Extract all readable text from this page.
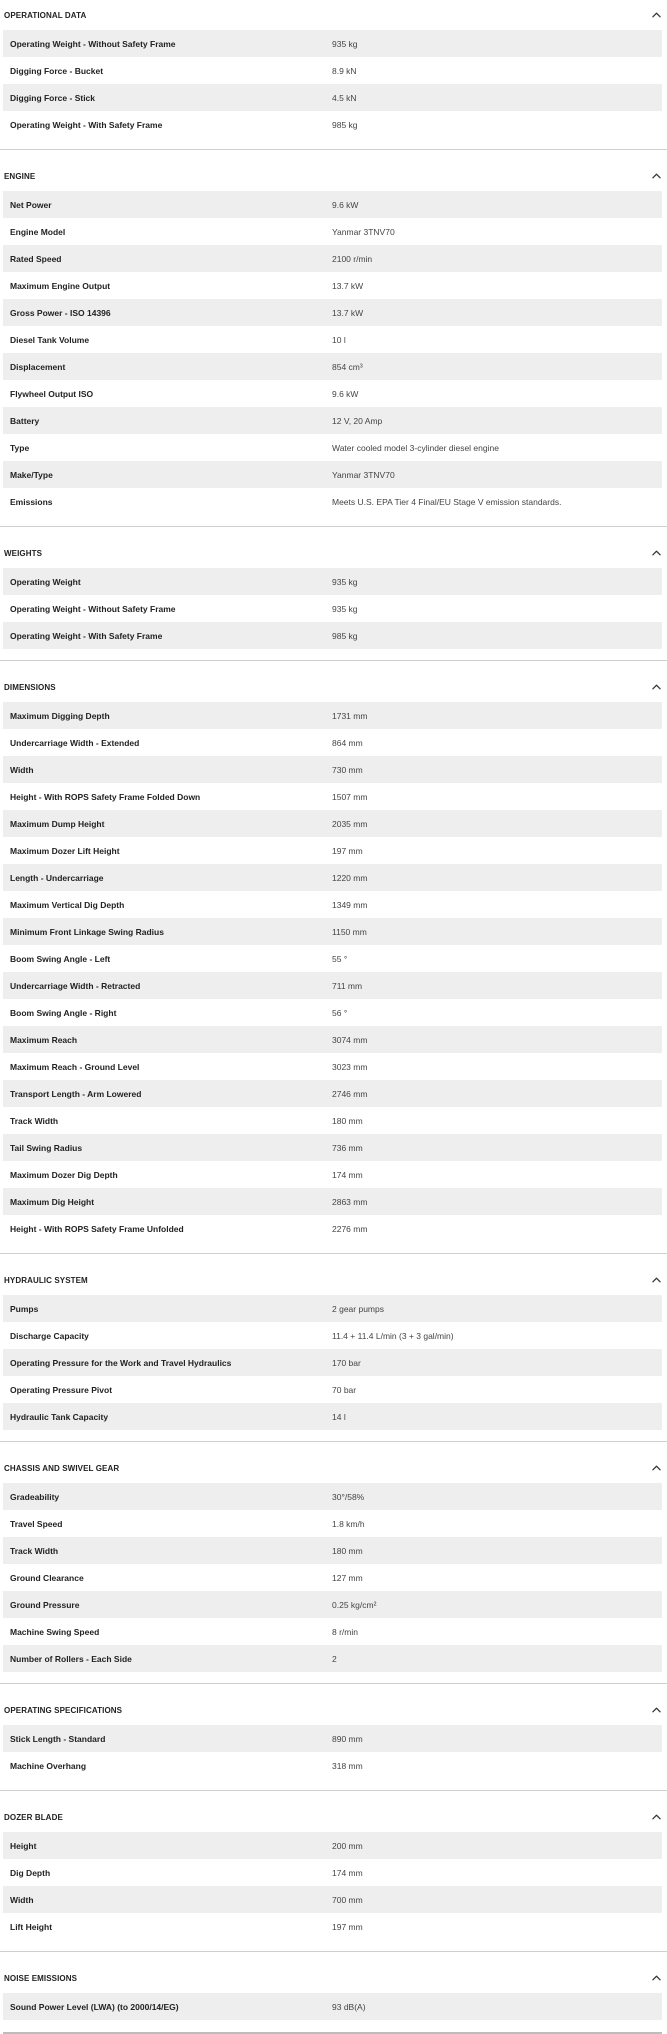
OPERATIONAL DATA
Operating Weight - Without Safety Frame	935 kg
Digging Force - Bucket	8.9 kN
Digging Force - Stick	4.5 kN
Operating Weight - With Safety Frame	985 kg
ENGINE
Net Power	9.6 kW
Engine Model	Yanmar 3TNV70
Rated Speed	2100 r/min
Maximum Engine Output	13.7 kW
Gross Power - ISO 14396	13.7 kW
Diesel Tank Volume	10 l
Displacement	854 cm³
Flywheel Output ISO	9.6 kW
Battery	12 V, 20 Amp
Type	Water cooled model 3-cylinder diesel engine
Make/Type	Yanmar 3TNV70
Emissions	Meets U.S. EPA Tier 4 Final/EU Stage V emission standards.
WEIGHTS
Operating Weight	935 kg
Operating Weight - Without Safety Frame	935 kg
Operating Weight - With Safety Frame	985 kg
DIMENSIONS
Maximum Digging Depth	1731 mm
Undercarriage Width - Extended	864 mm
Width	730 mm
Height - With ROPS Safety Frame Folded Down	1507 mm
Maximum Dump Height	2035 mm
Maximum Dozer Lift Height	197 mm
Length - Undercarriage	1220 mm
Maximum Vertical Dig Depth	1349 mm
Minimum Front Linkage Swing Radius	1150 mm
Boom Swing Angle - Left	55 °
Undercarriage Width - Retracted	711 mm
Boom Swing Angle - Right	56 °
Maximum Reach	3074 mm
Maximum Reach - Ground Level	3023 mm
Transport Length - Arm Lowered	2746 mm
Track Width	180 mm
Tail Swing Radius	736 mm
Maximum Dozer Dig Depth	174 mm
Maximum Dig Height	2863 mm
Height - With ROPS Safety Frame Unfolded	2276 mm
HYDRAULIC SYSTEM
Pumps	2 gear pumps
Discharge Capacity	11.4 + 11.4 L/min (3 + 3 gal/min)
Operating Pressure for the Work and Travel Hydraulics	170 bar
Operating Pressure Pivot	70 bar
Hydraulic Tank Capacity	14 l
CHASSIS AND SWIVEL GEAR
Gradeability	30°/58%
Travel Speed	1.8 km/h
Track Width	180 mm
Ground Clearance	127 mm
Ground Pressure	0.25 kg/cm²
Machine Swing Speed	8 r/min
Number of Rollers - Each Side	2
OPERATING SPECIFICATIONS
Stick Length - Standard	890 mm
Machine Overhang	318 mm
DOZER BLADE
Height	200 mm
Dig Depth	174 mm
Width	700 mm
Lift Height	197 mm
NOISE EMISSIONS
Sound Power Level (LWA) (to 2000/14/EG)	93 dB(A)
